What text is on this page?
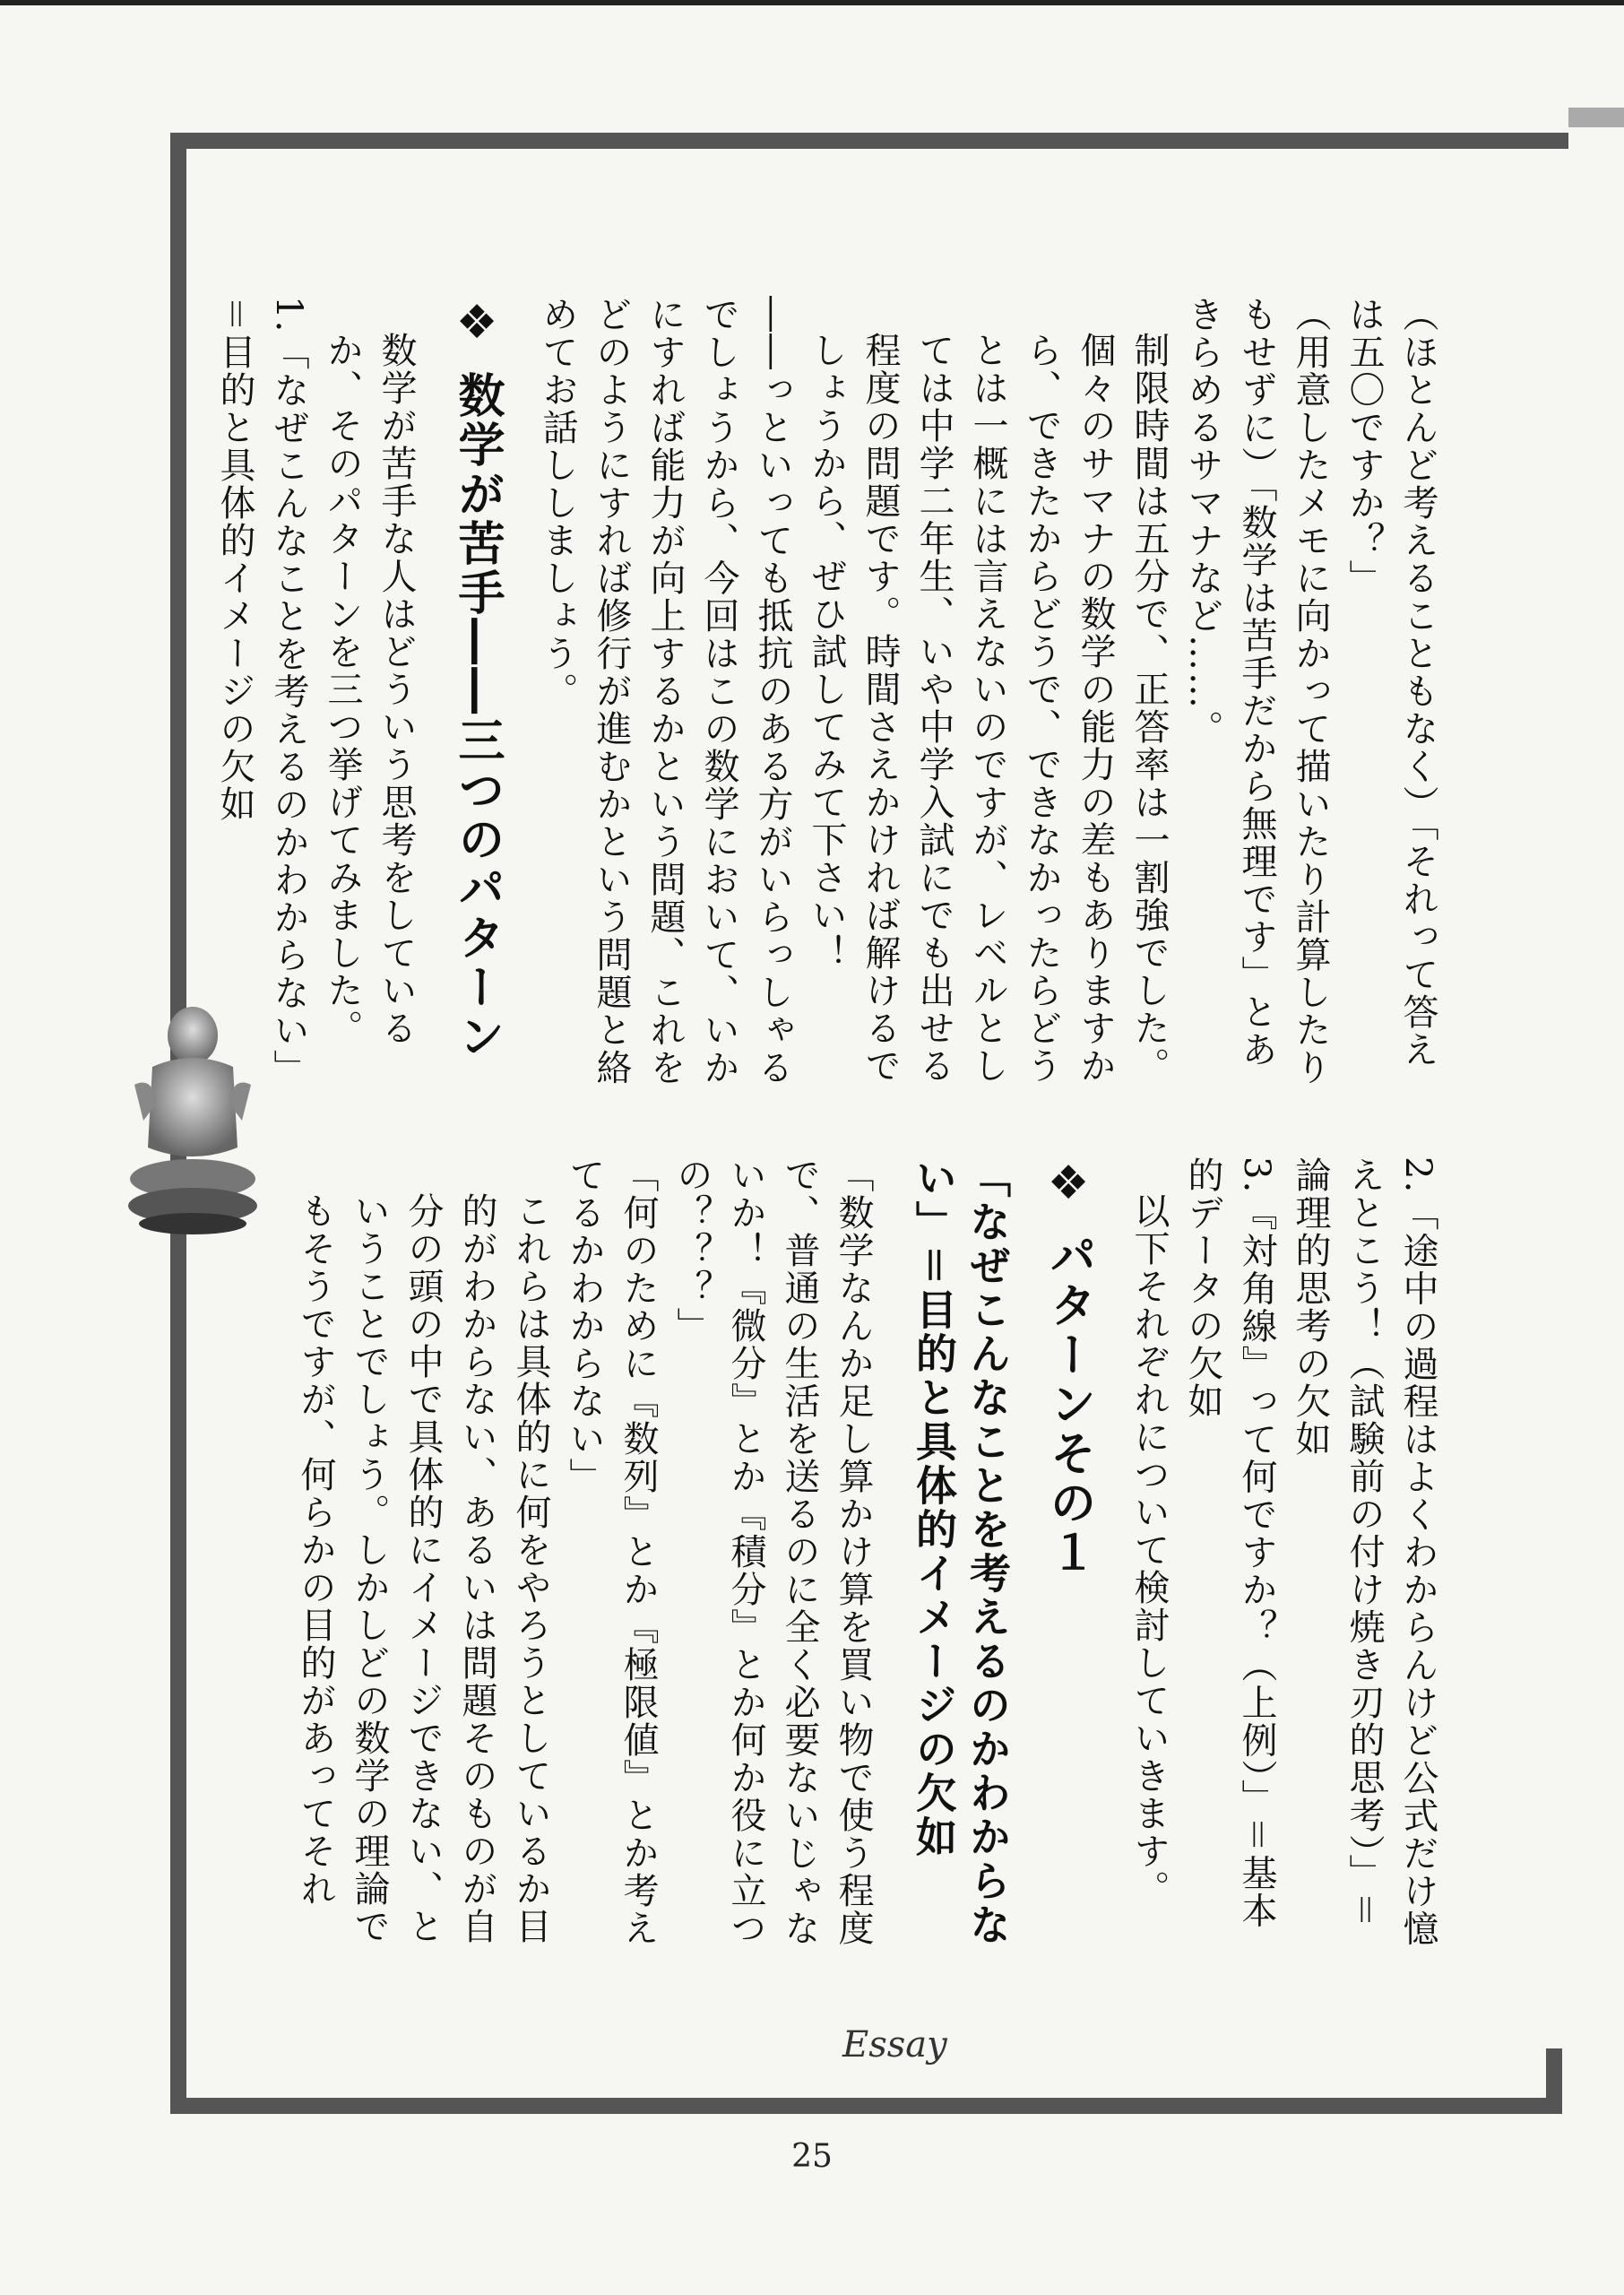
（ほとんど考えることもなく）「それって答えは五〇ですか？」

（用意したメモに向かって描いたり計算したりもせずに）「数学は苦手だから無理です」とあきらめるサマナなど……。

制限時間は五分で、正答率は一割強でした。個々のサマナの数学の能力の差もありますから、できたからどうで、できなかったらどうとは一概には言えないのですが、レベルとしては中学二年生、いや中学入試にでも出せる程度の問題です。時間さえかければ解けるでしょうから、ぜひ試してみて下さい！

――っといっても抵抗のある方がいらっしゃるでしょうから、今回はこの数学において、いかにすれば能力が向上するかという問題、これをどのようにすれば修行が進むかという問題と絡めてお話ししましょう。

❖ 数学が苦手――三つのパターン

数学が苦手な人はどういう思考をしているか、そのパターンを三つ挙げてみました。

1.「なぜこんなことを考えるのかわからない」＝目的と具体的イメージの欠如

2.「途中の過程はよくわからんけど公式だけ憶えとこう！（試験前の付け焼き刃的思考）」＝論理的思考の欠如

3.『対角線』って何ですか？（上例）」＝基本的データの欠如

以下それぞれについて検討していきます。

❖ パターンその１

「なぜこんなことを考えるのかわからない」＝目的と具体的イメージの欠如

「数学なんか足し算かけ算を買い物で使う程度で、普通の生活を送るのに全く必要ないじゃないか！『微分』とか『積分』とか何か役に立つの？？？」

「何のために『数列』とか『極限値』とか考えてるかわからない」

これらは具体的に何をやろうとしているか目的がわからない、あるいは問題そのものが自分の頭の中で具体的にイメージできない、ということでしょう。しかしどの数学の理論でもそうですが、何らかの目的があってそれ

Essay
25
